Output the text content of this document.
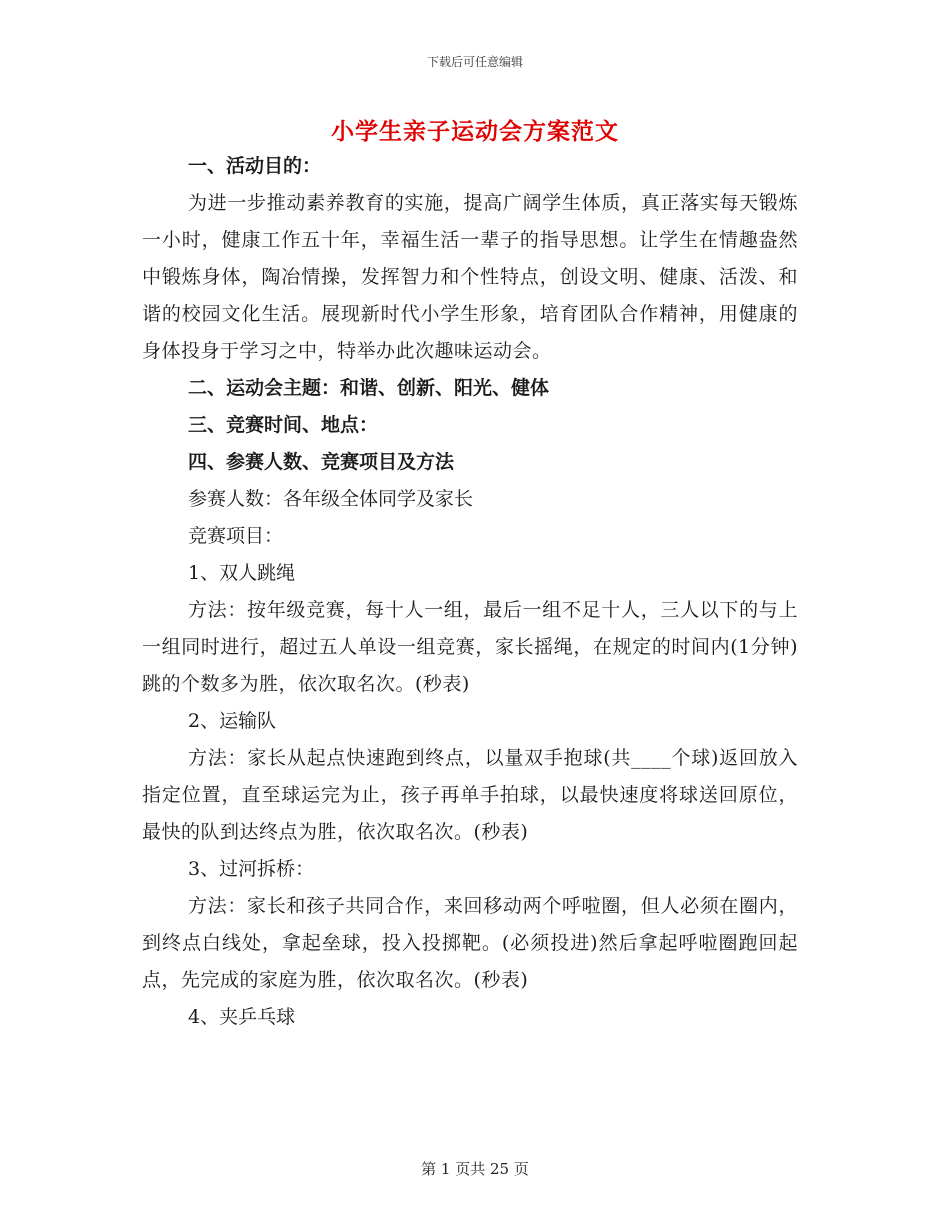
下载后可任意编辑
小学生亲子运动会方案范文
一、活动目的：
为进一步推动素养教育的实施，提高广阔学生体质，真正落实每天锻炼一小时，健康工作五十年，幸福生活一辈子的指导思想。让学生在情趣盎然中锻炼身体，陶冶情操，发挥智力和个性特点，创设文明、健康、活泼、和谐的校园文化生活。展现新时代小学生形象，培育团队合作精神，用健康的身体投身于学习之中，特举办此次趣味运动会。
二、运动会主题：和谐、创新、阳光、健体
三、竞赛时间、地点：
四、参赛人数、竞赛项目及方法
参赛人数：各年级全体同学及家长
竞赛项目：
1、双人跳绳
方法：按年级竞赛，每十人一组，最后一组不足十人，三人以下的与上一组同时进行，超过五人单设一组竞赛，家长摇绳，在规定的时间内(1分钟)跳的个数多为胜，依次取名次。(秒表)
2、运输队
方法：家长从起点快速跑到终点，以量双手抱球(共____个球)返回放入指定位置，直至球运完为止，孩子再单手拍球，以最快速度将球送回原位，最快的队到达终点为胜，依次取名次。(秒表)
3、过河拆桥：
方法：家长和孩子共同合作，来回移动两个呼啦圈，但人必须在圈内，到终点白线处，拿起垒球，投入投掷靶。(必须投进)然后拿起呼啦圈跑回起点，先完成的家庭为胜，依次取名次。(秒表)
4、夹乒乓球
第 1 页共 25 页
